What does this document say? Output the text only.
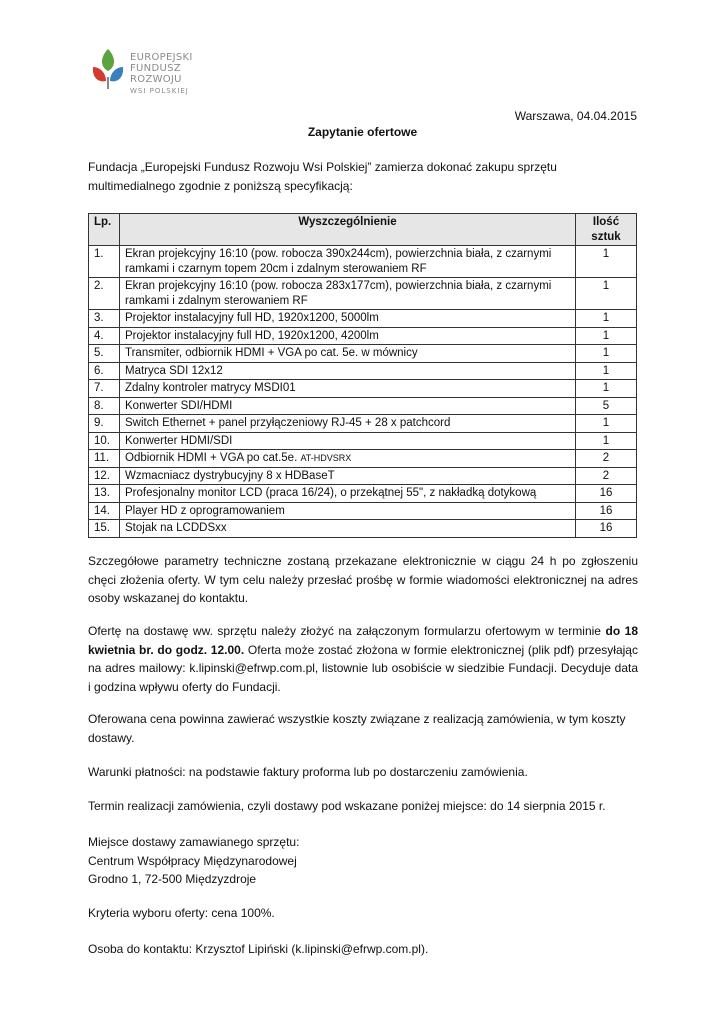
EUROPEJSKI
FUNDUSZ
ROZWOJU
WSI POLSKIEJ
Warszawa, 04.04.2015
Zapytanie ofertowe
Fundacja „Europejski Fundusz Rozwoju Wsi Polskiej” zamierza dokonać zakupu sprzętu multimedialnego zgodnie z poniższą specyfikacją:
Lp.	Wyszczególnienie	Ilość sztuk
1.	Ekran projekcyjny 16:10 (pow. robocza 390x244cm), powierzchnia biała, z czarnymi ramkami i czarnym topem 20cm i zdalnym sterowaniem RF	1
2.	Ekran projekcyjny 16:10 (pow. robocza 283x177cm), powierzchnia biała, z czarnymi ramkami i zdalnym sterowaniem RF	1
3.	Projektor instalacyjny full HD, 1920x1200, 5000lm	1
4.	Projektor instalacyjny full HD, 1920x1200, 4200lm	1
5.	Transmiter, odbiornik HDMI + VGA po cat. 5e. w mównicy	1
6.	Matryca SDI 12x12	1
7.	Zdalny kontroler matrycy MSDI01	1
8.	Konwerter SDI/HDMI	5
9.	Switch Ethernet + panel przyłączeniowy RJ-45 + 28 x patchcord	1
10.	Konwerter HDMI/SDI	1
11.	Odbiornik HDMI + VGA po cat.5e. AT-HDVSRX	2
12.	Wzmacniacz dystrybucyjny 8 x HDBaseT	2
13.	Profesjonalny monitor LCD (praca 16/24), o przekątnej 55", z nakładką dotykową	16
14.	Player HD z oprogramowaniem	16
15.	Stojak na LCDDSxx	16
Szczegółowe parametry techniczne zostaną przekazane elektronicznie w ciągu 24 h po zgłoszeniu chęci złożenia oferty. W tym celu należy przesłać prośbę w formie wiadomości elektronicznej na adres osoby wskazanej do kontaktu.
Ofertę na dostawę ww. sprzętu należy złożyć na załączonym formularzu ofertowym w terminie do 18 kwietnia br. do godz. 12.00. Oferta może zostać złożona w formie elektronicznej (plik pdf) przesyłając na adres mailowy: k.lipinski@efrwp.com.pl, listownie lub osobiście w siedzibie Fundacji. Decyduje data i godzina wpływu oferty do Fundacji.
Oferowana cena powinna zawierać wszystkie koszty związane z realizacją zamówienia, w tym koszty dostawy.
Warunki płatności: na podstawie faktury proforma lub po dostarczeniu zamówienia.
Termin realizacji zamówienia, czyli dostawy pod wskazane poniżej miejsce: do 14 sierpnia 2015 r.
Miejsce dostawy zamawianego sprzętu:
Centrum Współpracy Międzynarodowej
Grodno 1, 72-500 Międzyzdroje
Kryteria wyboru oferty: cena 100%.
Osoba do kontaktu: Krzysztof Lipiński (k.lipinski@efrwp.com.pl).
